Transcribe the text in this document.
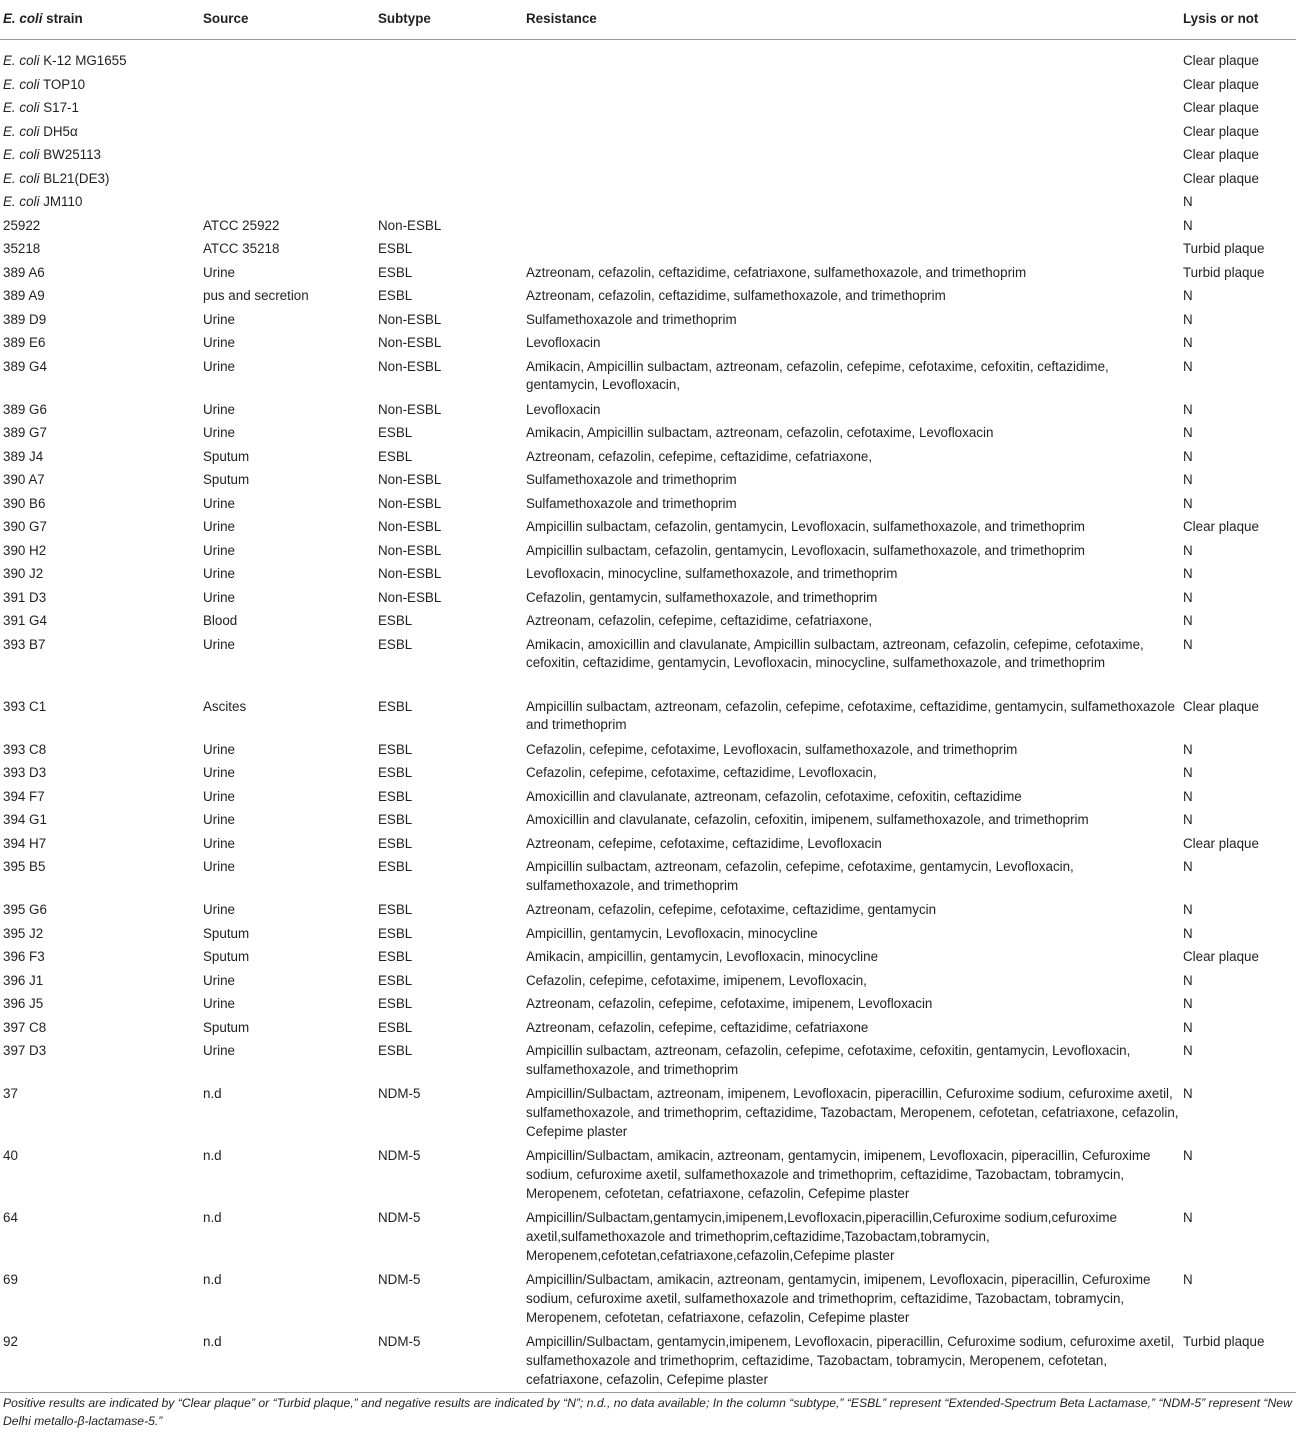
E. coli strain	Source	Subtype	Resistance	Lysis or not

E. coli K-12 MG1655				Clear plaque
E. coli TOP10				Clear plaque
E. coli S17-1				Clear plaque
E. coli DH5α				Clear plaque
E. coli BW25113				Clear plaque
E. coli BL21(DE3)				Clear plaque
E. coli JM110				N
25922	ATCC 25922	Non-ESBL		N
35218	ATCC 35218	ESBL		Turbid plaque
389 A6	Urine	ESBL	Aztreonam, cefazolin, ceftazidime, cefatriaxone, sulfamethoxazole, and trimethoprim	Turbid plaque
389 A9	pus and secretion	ESBL	Aztreonam, cefazolin, ceftazidime, sulfamethoxazole, and trimethoprim	N
389 D9	Urine	Non-ESBL	Sulfamethoxazole and trimethoprim	N
389 E6	Urine	Non-ESBL	Levofloxacin	N
389 G4	Urine	Non-ESBL	Amikacin, Ampicillin sulbactam, aztreonam, cefazolin, cefepime, cefotaxime, cefoxitin, ceftazidime, gentamycin, Levofloxacin,	N
389 G6	Urine	Non-ESBL	Levofloxacin	N
389 G7	Urine	ESBL	Amikacin, Ampicillin sulbactam, aztreonam, cefazolin, cefotaxime, Levofloxacin	N
389 J4	Sputum	ESBL	Aztreonam, cefazolin, cefepime, ceftazidime, cefatriaxone,	N
390 A7	Sputum	Non-ESBL	Sulfamethoxazole and trimethoprim	N
390 B6	Urine	Non-ESBL	Sulfamethoxazole and trimethoprim	N
390 G7	Urine	Non-ESBL	Ampicillin sulbactam, cefazolin, gentamycin, Levofloxacin, sulfamethoxazole, and trimethoprim	Clear plaque
390 H2	Urine	Non-ESBL	Ampicillin sulbactam, cefazolin, gentamycin, Levofloxacin, sulfamethoxazole, and trimethoprim	N
390 J2	Urine	Non-ESBL	Levofloxacin, minocycline, sulfamethoxazole, and trimethoprim	N
391 D3	Urine	Non-ESBL	Cefazolin, gentamycin, sulfamethoxazole, and trimethoprim	N
391 G4	Blood	ESBL	Aztreonam, cefazolin, cefepime, ceftazidime, cefatriaxone,	N
393 B7	Urine	ESBL	Amikacin, amoxicillin and clavulanate, Ampicillin sulbactam, aztreonam, cefazolin, cefepime, cefotaxime, cefoxitin, ceftazidime, gentamycin, Levofloxacin, minocycline, sulfamethoxazole, and trimethoprim	N
393 C1	Ascites	ESBL	Ampicillin sulbactam, aztreonam, cefazolin, cefepime, cefotaxime, ceftazidime, gentamycin, sulfamethoxazole and trimethoprim	Clear plaque
393 C8	Urine	ESBL	Cefazolin, cefepime, cefotaxime, Levofloxacin, sulfamethoxazole, and trimethoprim	N
393 D3	Urine	ESBL	Cefazolin, cefepime, cefotaxime, ceftazidime, Levofloxacin,	N
394 F7	Urine	ESBL	Amoxicillin and clavulanate, aztreonam, cefazolin, cefotaxime, cefoxitin, ceftazidime	N
394 G1	Urine	ESBL	Amoxicillin and clavulanate, cefazolin, cefoxitin, imipenem, sulfamethoxazole, and trimethoprim	N
394 H7	Urine	ESBL	Aztreonam, cefepime, cefotaxime, ceftazidime, Levofloxacin	Clear plaque
395 B5	Urine	ESBL	Ampicillin sulbactam, aztreonam, cefazolin, cefepime, cefotaxime, gentamycin, Levofloxacin, sulfamethoxazole, and trimethoprim	N
395 G6	Urine	ESBL	Aztreonam, cefazolin, cefepime, cefotaxime, ceftazidime, gentamycin	N
395 J2	Sputum	ESBL	Ampicillin, gentamycin, Levofloxacin, minocycline	N
396 F3	Sputum	ESBL	Amikacin, ampicillin, gentamycin, Levofloxacin, minocycline	Clear plaque
396 J1	Urine	ESBL	Cefazolin, cefepime, cefotaxime, imipenem, Levofloxacin,	N
396 J5	Urine	ESBL	Aztreonam, cefazolin, cefepime, cefotaxime, imipenem, Levofloxacin	N
397 C8	Sputum	ESBL	Aztreonam, cefazolin, cefepime, ceftazidime, cefatriaxone	N
397 D3	Urine	ESBL	Ampicillin sulbactam, aztreonam, cefazolin, cefepime, cefotaxime, cefoxitin, gentamycin, Levofloxacin, sulfamethoxazole, and trimethoprim	N
37	n.d	NDM-5	Ampicillin/Sulbactam, aztreonam, imipenem, Levofloxacin, piperacillin, Cefuroxime sodium, cefuroxime axetil, sulfamethoxazole, and trimethoprim, ceftazidime, Tazobactam, Meropenem, cefotetan, cefatriaxone, cefazolin, Cefepime plaster	N
40	n.d	NDM-5	Ampicillin/Sulbactam, amikacin, aztreonam, gentamycin, imipenem, Levofloxacin, piperacillin, Cefuroxime sodium, cefuroxime axetil, sulfamethoxazole and trimethoprim, ceftazidime, Tazobactam, tobramycin, Meropenem, cefotetan, cefatriaxone, cefazolin, Cefepime plaster	N
64	n.d	NDM-5	Ampicillin/Sulbactam,gentamycin,imipenem,Levofloxacin,piperacillin,Cefuroxime sodium,cefuroxime axetil,sulfamethoxazole and trimethoprim,ceftazidime,Tazobactam,tobramycin, Meropenem,cefotetan,cefatriaxone,cefazolin,Cefepime plaster	N
69	n.d	NDM-5	Ampicillin/Sulbactam, amikacin, aztreonam, gentamycin, imipenem, Levofloxacin, piperacillin, Cefuroxime sodium, cefuroxime axetil, sulfamethoxazole and trimethoprim, ceftazidime, Tazobactam, tobramycin, Meropenem, cefotetan, cefatriaxone, cefazolin, Cefepime plaster	N
92	n.d	NDM-5	Ampicillin/Sulbactam, gentamycin,imipenem, Levofloxacin, piperacillin, Cefuroxime sodium, cefuroxime axetil, sulfamethoxazole and trimethoprim, ceftazidime, Tazobactam, tobramycin, Meropenem, cefotetan, cefatriaxone, cefazolin, Cefepime plaster	Turbid plaque
Positive results are indicated by “Clear plaque” or “Turbid plaque,” and negative results are indicated by “N”; n.d., no data available; In the column “subtype,” “ESBL” represent “Extended-Spectrum Beta Lactamase,” “NDM-5” represent “New Delhi metallo-β-lactamase-5.”
